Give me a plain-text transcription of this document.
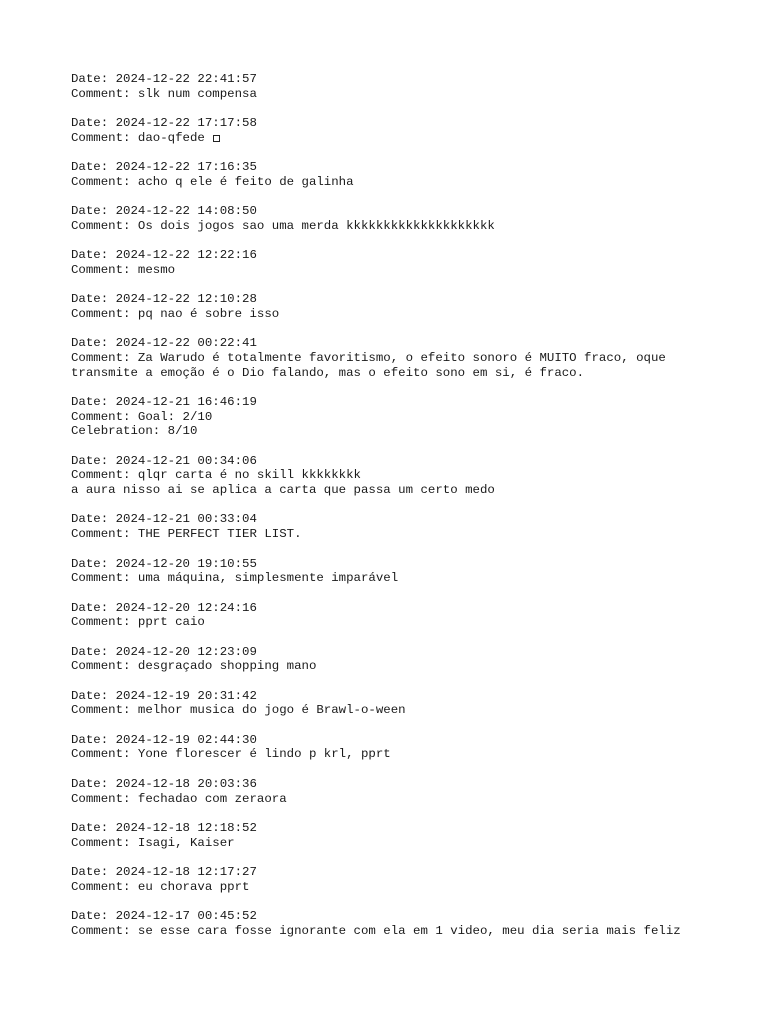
Date: 2024-12-22 22:41:57
Comment: slk num compensa
Date: 2024-12-22 17:17:58
Comment: dao-qfede
Date: 2024-12-22 17:16:35
Comment: acho q ele é feito de galinha
Date: 2024-12-22 14:08:50
Comment: Os dois jogos sao uma merda kkkkkkkkkkkkkkkkkkkk
Date: 2024-12-22 12:22:16
Comment: mesmo
Date: 2024-12-22 12:10:28
Comment: pq nao é sobre isso
Date: 2024-12-22 00:22:41
Comment: Za Warudo é totalmente favoritismo, o efeito sonoro é MUITO fraco, oque
transmite a emoção é o Dio falando, mas o efeito sono em si, é fraco.
Date: 2024-12-21 16:46:19
Comment: Goal: 2/10
Celebration: 8/10
Date: 2024-12-21 00:34:06
Comment: qlqr carta é no skill kkkkkkkk
a aura nisso ai se aplica a carta que passa um certo medo
Date: 2024-12-21 00:33:04
Comment: THE PERFECT TIER LIST.
Date: 2024-12-20 19:10:55
Comment: uma máquina, simplesmente imparável
Date: 2024-12-20 12:24:16
Comment: pprt caio
Date: 2024-12-20 12:23:09
Comment: desgraçado shopping mano
Date: 2024-12-19 20:31:42
Comment: melhor musica do jogo é Brawl-o-ween
Date: 2024-12-19 02:44:30
Comment: Yone florescer é lindo p krl, pprt
Date: 2024-12-18 20:03:36
Comment: fechadao com zeraora
Date: 2024-12-18 12:18:52
Comment: Isagi, Kaiser
Date: 2024-12-18 12:17:27
Comment: eu chorava pprt
Date: 2024-12-17 00:45:52
Comment: se esse cara fosse ignorante com ela em 1 video, meu dia seria mais feliz
